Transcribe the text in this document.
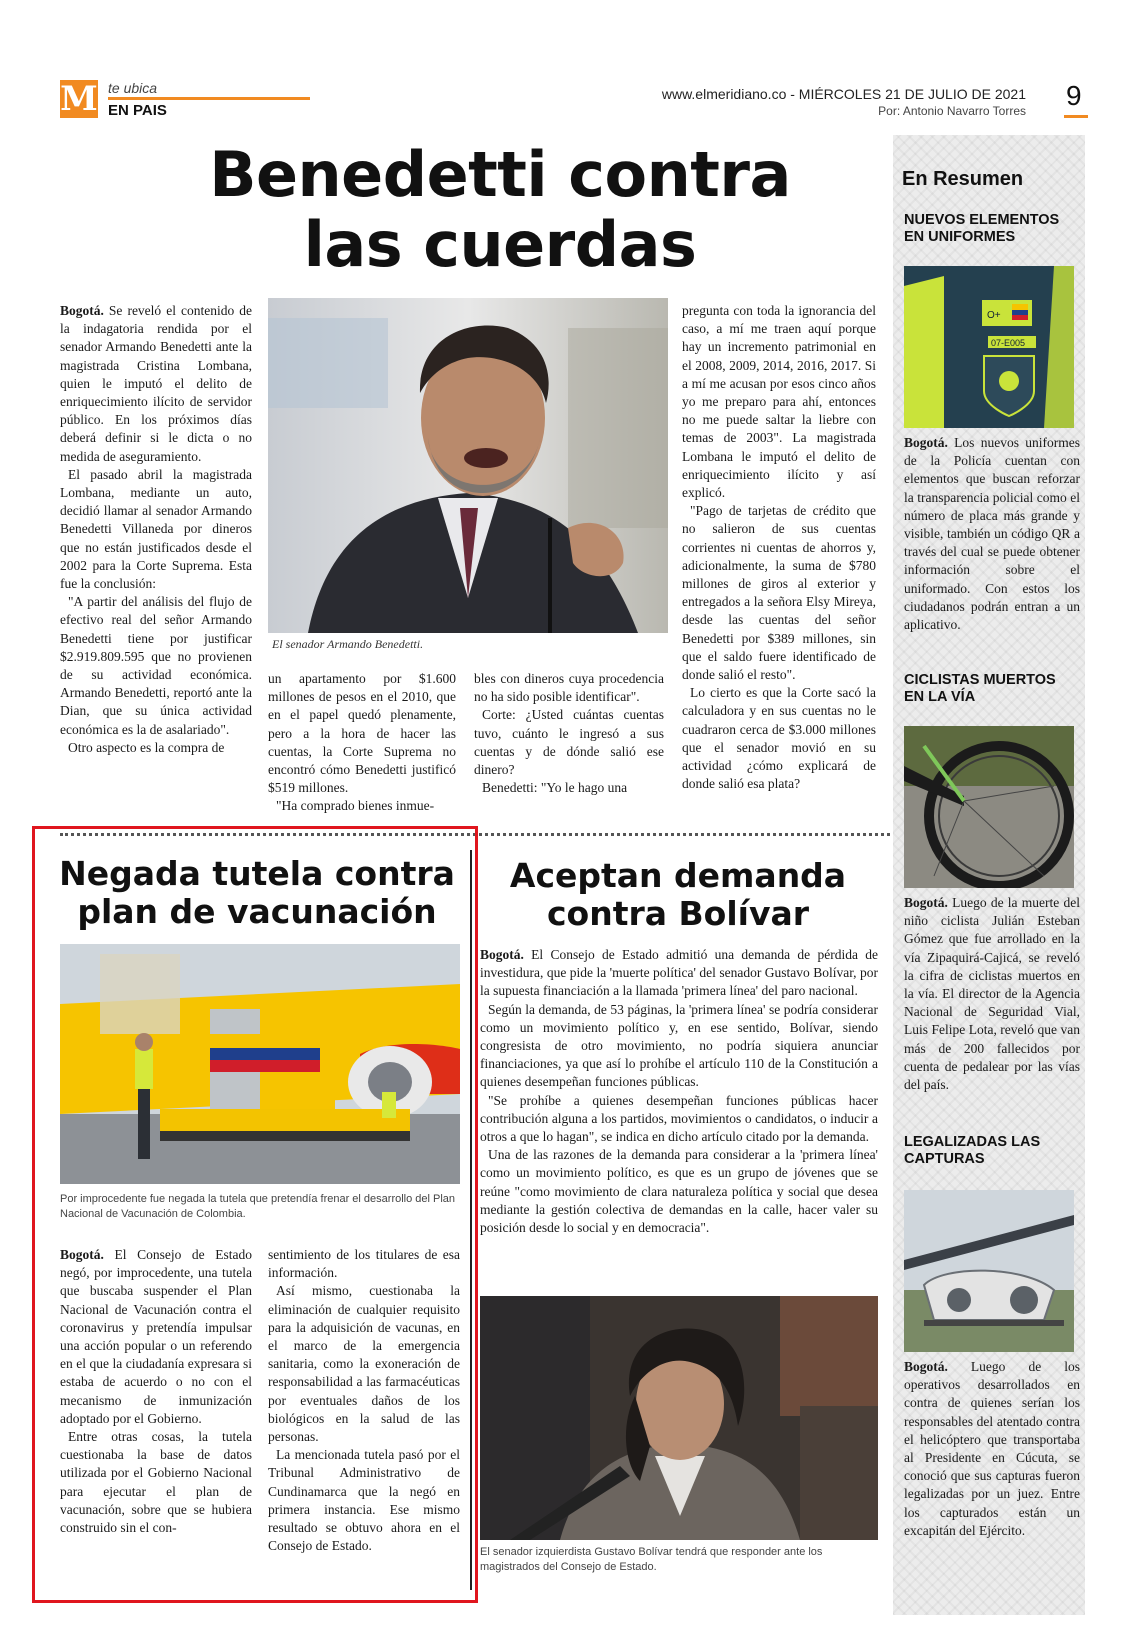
M te ubica
EN PAIS
www.elmeridiano.co - MIÉRCOLES 21 DE JULIO DE 2021
Por: Antonio Navarro Torres 9
Benedetti contra
las cuerdas

Bogotá. Se reveló el contenido de la indagatoria rendida por el senador Armando Benedetti ante la magistrada Cristina Lombana, quien le imputó el delito de enriquecimiento ilícito de servidor público. En los próximos días deberá definir si le dicta o no medida de aseguramiento.

El pasado abril la magistrada Lombana, mediante un auto, decidió llamar al senador Armando Benedetti Villaneda por dineros que no están justificados desde el 2002 para la Corte Suprema. Esta fue la conclusión:

"A partir del análisis del flujo de efectivo real del señor Armando Benedetti tiene por justificar $2.919.809.595 que no provienen de su actividad económica. Armando Benedetti, reportó ante la Dian, que su única actividad económica es la de asalariado".

Otro aspecto es la compra de

El senador Armando Benedetti.

un apartamento por $1.600 millones de pesos en el 2010, que en el papel quedó plenamente, pero a la hora de hacer las cuentas, la Corte Suprema no encontró cómo Benedetti justificó $519 millones.

"Ha comprado bienes inmue-

bles con dineros cuya procedencia no ha sido posible identificar".

Corte: ¿Usted cuántas cuentas tuvo, cuánto le ingresó a sus cuentas y de dónde salió ese dinero?

Benedetti: "Yo le hago una

pregunta con toda la ignorancia del caso, a mí me traen aquí porque hay un incremento patrimonial en el 2008, 2009, 2014, 2016, 2017. Si a mí me acusan por esos cinco años yo me preparo para ahí, entonces no me puede saltar la liebre con temas de 2003". La magistrada Lombana le imputó el delito de enriquecimiento ilícito y así explicó.

"Pago de tarjetas de crédito que no salieron de sus cuentas corrientes ni cuentas de ahorros y, adicionalmente, la suma de $780 millones de giros al exterior y entregados a la señora Elsy Mireya, desde las cuentas del señor Benedetti por $389 millones, sin que el saldo fuere identificado de donde salió el resto".

Lo cierto es que la Corte sacó la calculadora y en sus cuentas no le cuadraron cerca de $3.000 millones que el senador movió en su actividad ¿cómo explicará de donde salió esa plata?

Negada tutela contra
plan de vacunación
Por improcedente fue negada la tutela que pretendía frenar el desarrollo del Plan Nacional de Vacunación de Colombia.

Bogotá. El Consejo de Estado negó, por improcedente, una tutela que buscaba suspender el Plan Nacional de Vacunación contra el coronavirus y pretendía impulsar una acción popular o un referendo en el que la ciudadanía expresara si estaba de acuerdo o no con el mecanismo de inmunización adoptado por el Gobierno.

Entre otras cosas, la tutela cuestionaba la base de datos utilizada por el Gobierno Nacional para ejecutar el plan de vacunación, sobre que se hubiera construido sin el con-

sentimiento de los titulares de esa información.

Así mismo, cuestionaba la eliminación de cualquier requisito para la adquisición de vacunas, en el marco de la emergencia sanitaria, como la exoneración de responsabilidad a las farmacéuticas por eventuales daños de los biológicos en la salud de las personas.

La mencionada tutela pasó por el Tribunal Administrativo de Cundinamarca que la negó en primera instancia. Ese mismo resultado se obtuvo ahora en el Consejo de Estado.

Aceptan demanda
contra Bolívar

Bogotá. El Consejo de Estado admitió una demanda de pérdida de investidura, que pide la 'muerte política' del senador Gustavo Bolívar, por la supuesta financiación a la llamada 'primera línea' del paro nacional.

Según la demanda, de 53 páginas, la 'primera línea' se podría considerar como un movimiento político y, en ese sentido, Bolívar, siendo congresista de otro movimiento, no podría siquiera anunciar financiaciones, ya que así lo prohíbe el artículo 110 de la Constitución a quienes desempeñan funciones públicas.

"Se prohíbe a quienes desempeñan funciones públicas hacer contribución alguna a los partidos, movimientos o candidatos, o inducir a otros a que lo hagan", se indica en dicho artículo citado por la demanda.

Una de las razones de la demanda para considerar a la 'primera línea' como un movimiento político, es que es un grupo de jóvenes que se reúne "como movimiento de clara naturaleza política y social que desea mediante la gestión colectiva de demandas en la calle, hacer valer su posición desde lo social y en democracia".

El senador izquierdista Gustavo Bolívar tendrá que responder ante los magistrados del Consejo de Estado.
En Resumen
NUEVOS ELEMENTOS EN UNIFORMES
O+
07-E005
Bogotá. Los nuevos uniformes de la Policía cuentan con elementos que buscan reforzar la transparencia policial como el número de placa más grande y visible, también un código QR a través del cual se puede obtener información sobre el uniformado. Con estos los ciudadanos podrán entran a un aplicativo.
CICLISTAS MUERTOS EN LA VÍA
Bogotá. Luego de la muerte del niño ciclista Julián Esteban Gómez que fue arrollado en la vía Zipaquirá-Cajicá, se reveló la cifra de ciclistas muertos en la vía. El director de la Agencia Nacional de Seguridad Vial, Luis Felipe Lota, reveló que van más de 200 fallecidos por cuenta de pedalear por las vías del país.
LEGALIZADAS LAS CAPTURAS
Bogotá. Luego de los operativos desarrollados en contra de quienes serían los responsables del atentado contra el helicóptero que transportaba al Presidente en Cúcuta, se conoció que sus capturas fueron legalizadas por un juez. Entre los capturados están un excapitán del Ejército.
